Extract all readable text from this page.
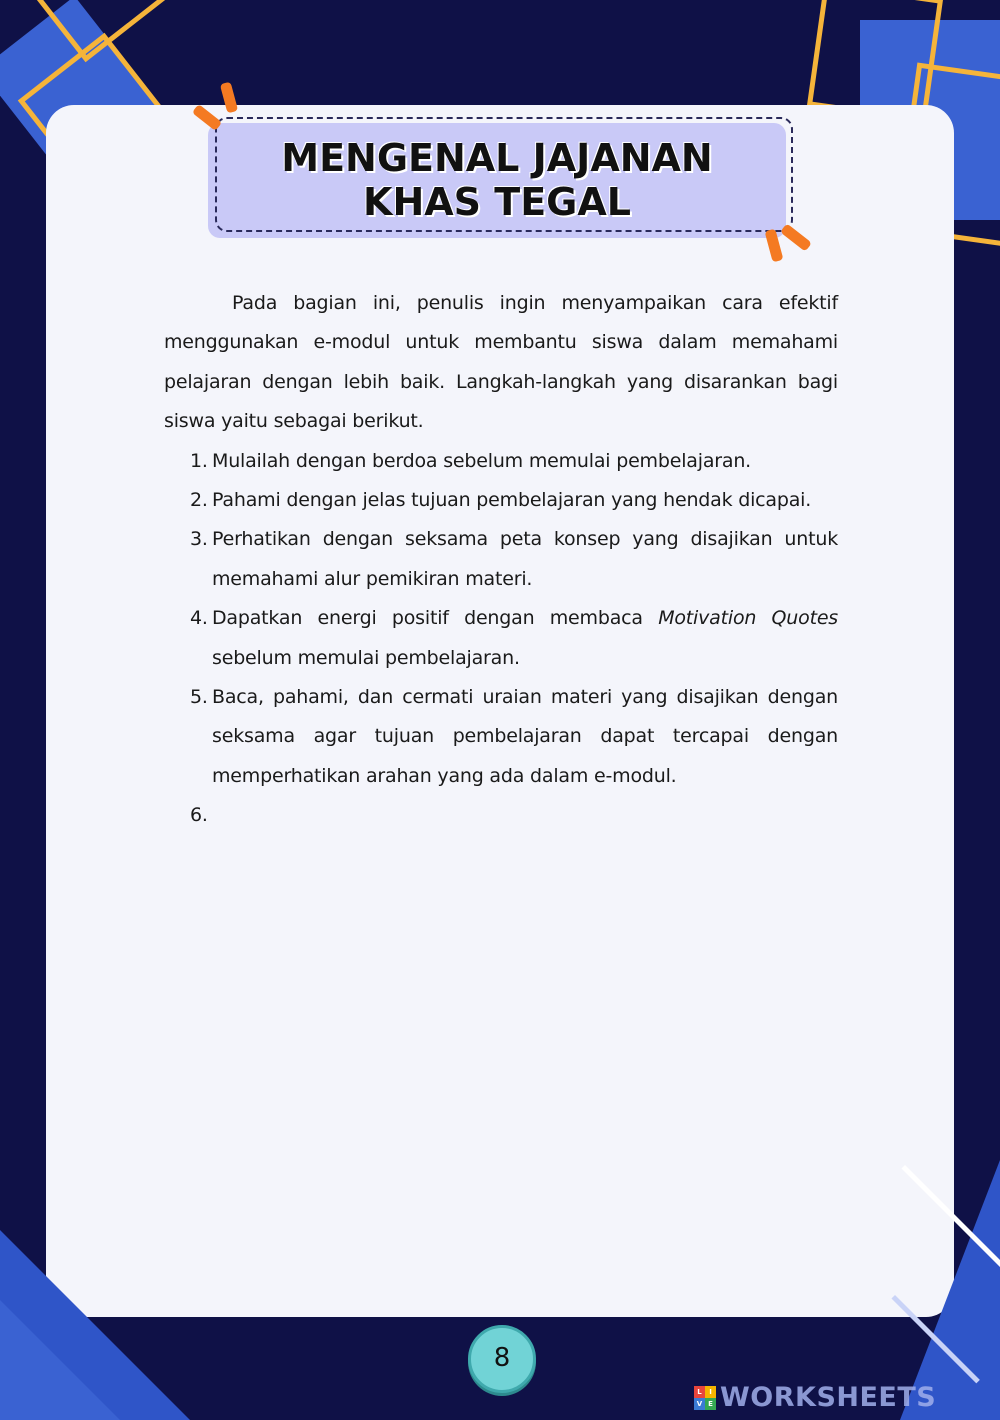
MENGENAL JAJANAN
KHAS TEGAL

Pada bagian ini, penulis ingin menyampaikan cara efektif menggunakan e-modul untuk membantu siswa dalam memahami pelajaran dengan lebih baik. Langkah-langkah yang disarankan bagi siswa yaitu sebagai berikut.

1. Mulailah dengan berdoa sebelum memulai pembelajaran.
2. Pahami dengan jelas tujuan pembelajaran yang hendak dicapai.
3. Perhatikan dengan seksama peta konsep yang disajikan untuk memahami alur pemikiran materi.
4. Dapatkan energi positif dengan membaca Motivation Quotes sebelum memulai pembelajaran.
5. Baca, pahami, dan cermati uraian materi yang disajikan dengan seksama agar tujuan pembelajaran dapat tercapai dengan memperhatikan arahan yang ada dalam e-modul.
6.
8
L	I
V E WORKSHEETS
